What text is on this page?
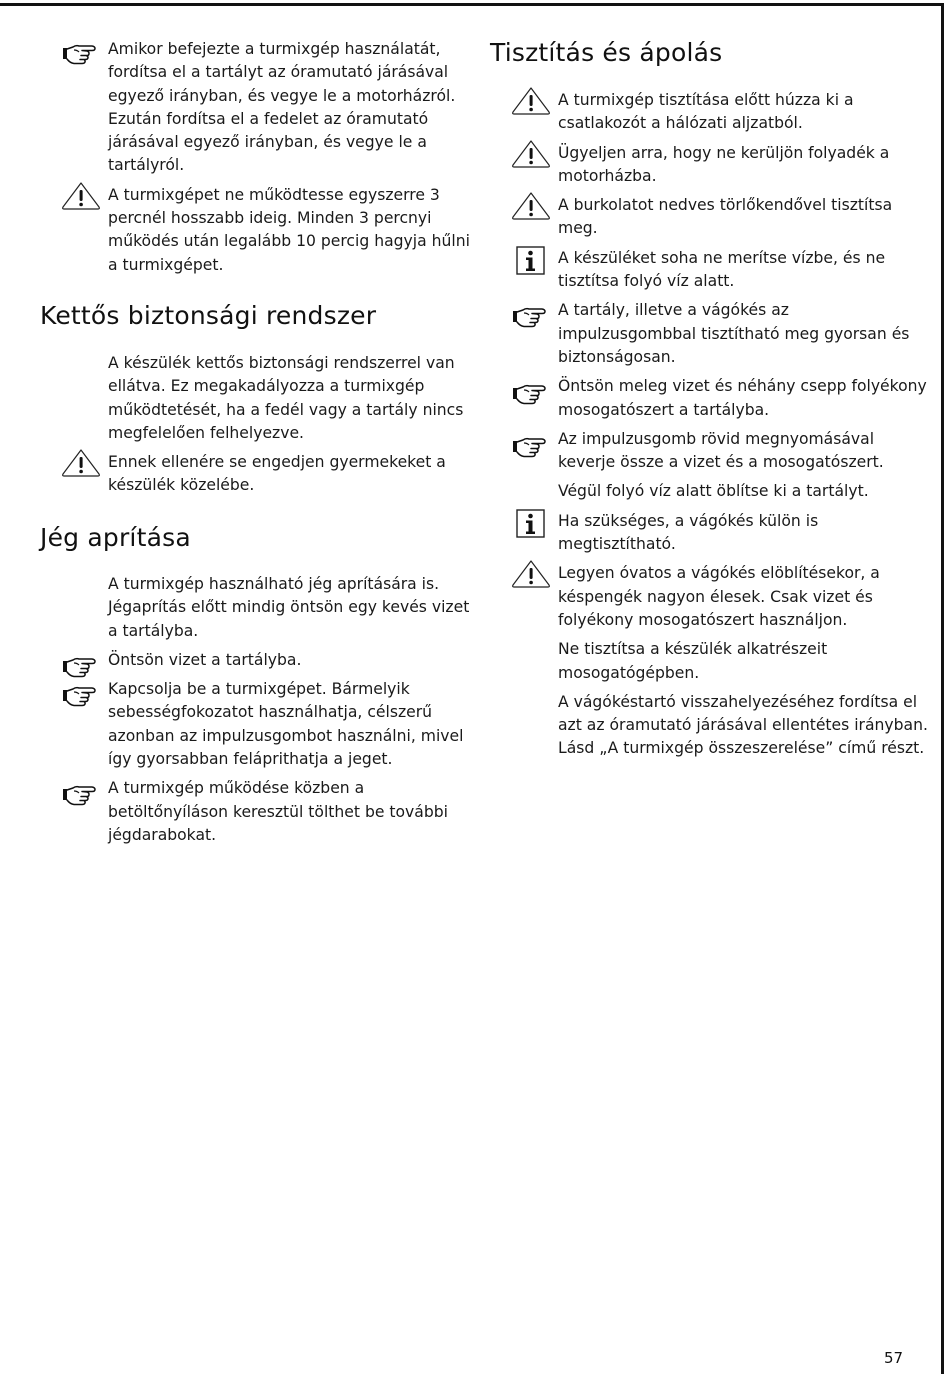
Amikor befejezte a turmixgép használatát, fordítsa el a tartályt az óramutató járásával egyező irányban, és vegye le a motorházról. Ezután fordítsa el a fedelet az óramutató járásával egyező irányban, és vegye le a tartályról.
A turmixgépet ne működtesse egyszerre 3 percnél hosszabb ideig. Minden 3 percnyi működés után legalább 10 percig hagyja hűlni a turmixgépet.
Kettős biztonsági rendszer
A készülék kettős biztonsági rendszerrel van ellátva. Ez megakadályozza a turmixgép működtetését, ha a fedél vagy a tartály nincs megfelelően felhelyezve.
Ennek ellenére se engedjen gyermekeket a készülék közelébe.
Jég aprítása
A turmixgép használható jég aprítására is. Jégaprítás előtt mindig öntsön egy kevés vizet a tartályba.
Öntsön vizet a tartályba.
Kapcsolja be a turmixgépet. Bármelyik sebességfokozatot használhatja, célszerű azonban az impulzusgombot használni, mivel így gyorsabban feláprithatja a jeget.
A turmixgép működése közben a betöltőnyíláson keresztül tölthet be további jégdarabokat.
Tisztítás és ápolás
A turmixgép tisztítása előtt húzza ki a csatlakozót a hálózati aljzatból.
Ügyeljen arra, hogy ne kerüljön folyadék a motorházba.
A burkolatot nedves törlőkendővel tisztítsa meg.
A készüléket soha ne merítse vízbe, és ne tisztítsa folyó víz alatt.
A tartály, illetve a vágókés az impulzusgombbal tisztítható meg gyorsan és biztonságosan.
Öntsön meleg vizet és néhány csepp folyékony mosogatószert a tartályba.
Az impulzusgomb rövid megnyomásával keverje össze a vizet és a mosogatószert.
Végül folyó víz alatt öblítse ki a tartályt.
Ha szükséges, a vágókés külön is megtisztítható.
Legyen óvatos a vágókés elöblítésekor, a késpengék nagyon élesek. Csak vizet és folyékony mosogatószert használjon.
Ne tisztítsa a készülék alkatrészeit mosogatógépben.
A vágókéstartó visszahelyezéséhez fordítsa el azt az óramutató járásával ellentétes irányban. Lásd „A turmixgép összeszerelése” című részt.
57
